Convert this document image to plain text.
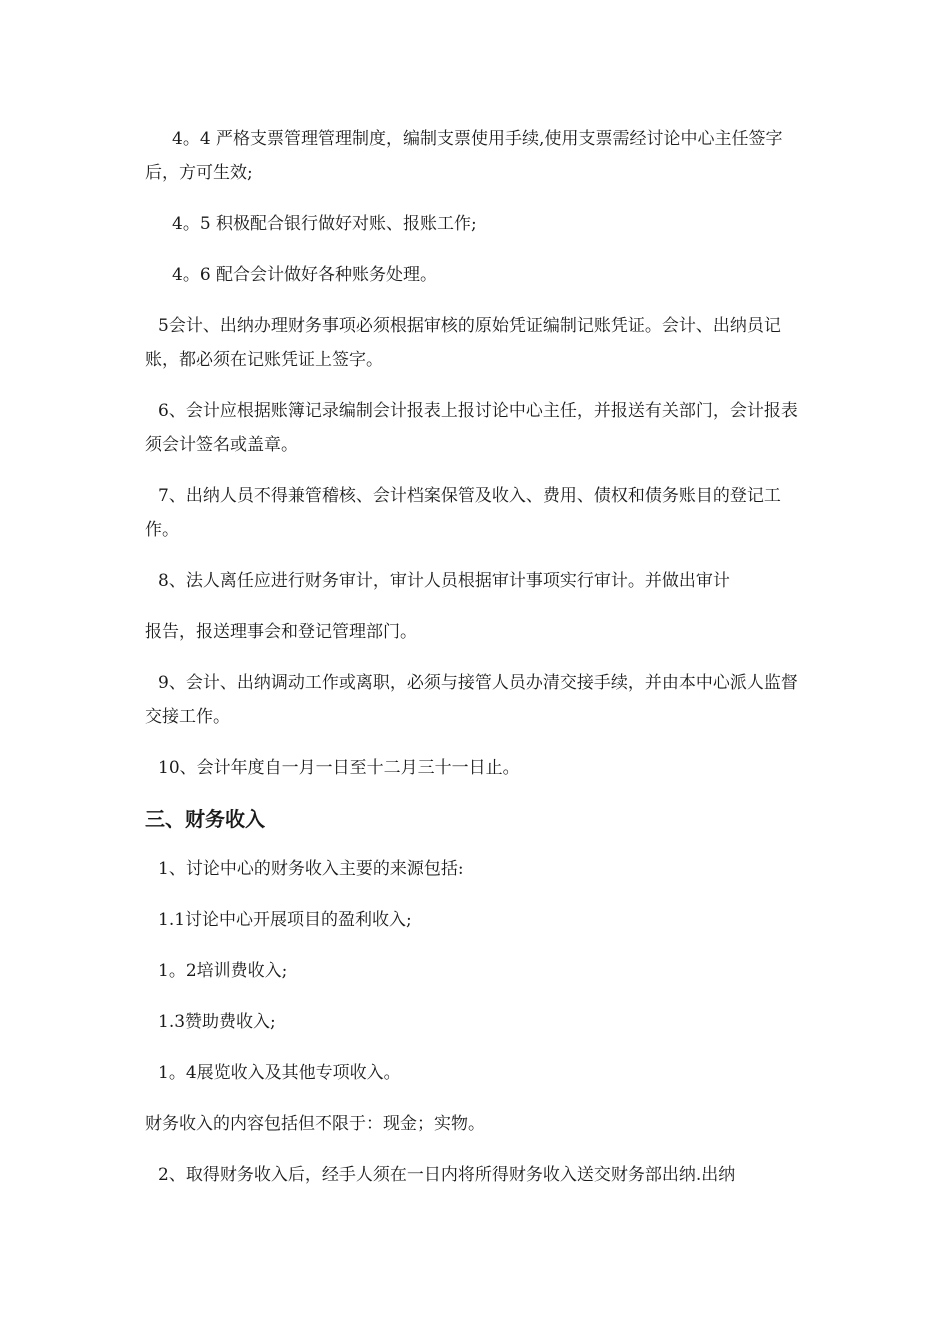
4。4 严格支票管理管理制度，编制支票使用手续,使用支票需经讨论中心主任签字后，方可生效;

4。5 积极配合银行做好对账、报账工作;

4。6 配合会计做好各种账务处理。

5会计、出纳办理财务事项必须根据审核的原始凭证编制记账凭证。会计、出纳员记账，都必须在记账凭证上签字。

6、会计应根据账簿记录编制会计报表上报讨论中心主任，并报送有关部门，会计报表须会计签名或盖章。

7、出纳人员不得兼管稽核、会计档案保管及收入、费用、债权和债务账目的登记工作。

8、法人离任应进行财务审计，审计人员根据审计事项实行审计。并做出审计

报告，报送理事会和登记管理部门。

9、会计、出纳调动工作或离职，必须与接管人员办清交接手续，并由本中心派人监督交接工作。

10、会计年度自一月一日至十二月三十一日止。

三、财务收入

1、讨论中心的财务收入主要的来源包括:

1.1讨论中心开展项目的盈利收入;

1。2培训费收入;

1.3赞助费收入;

1。4展览收入及其他专项收入。

财务收入的内容包括但不限于：现金；实物。

2、取得财务收入后，经手人须在一日内将所得财务收入送交财务部出纳.出纳
